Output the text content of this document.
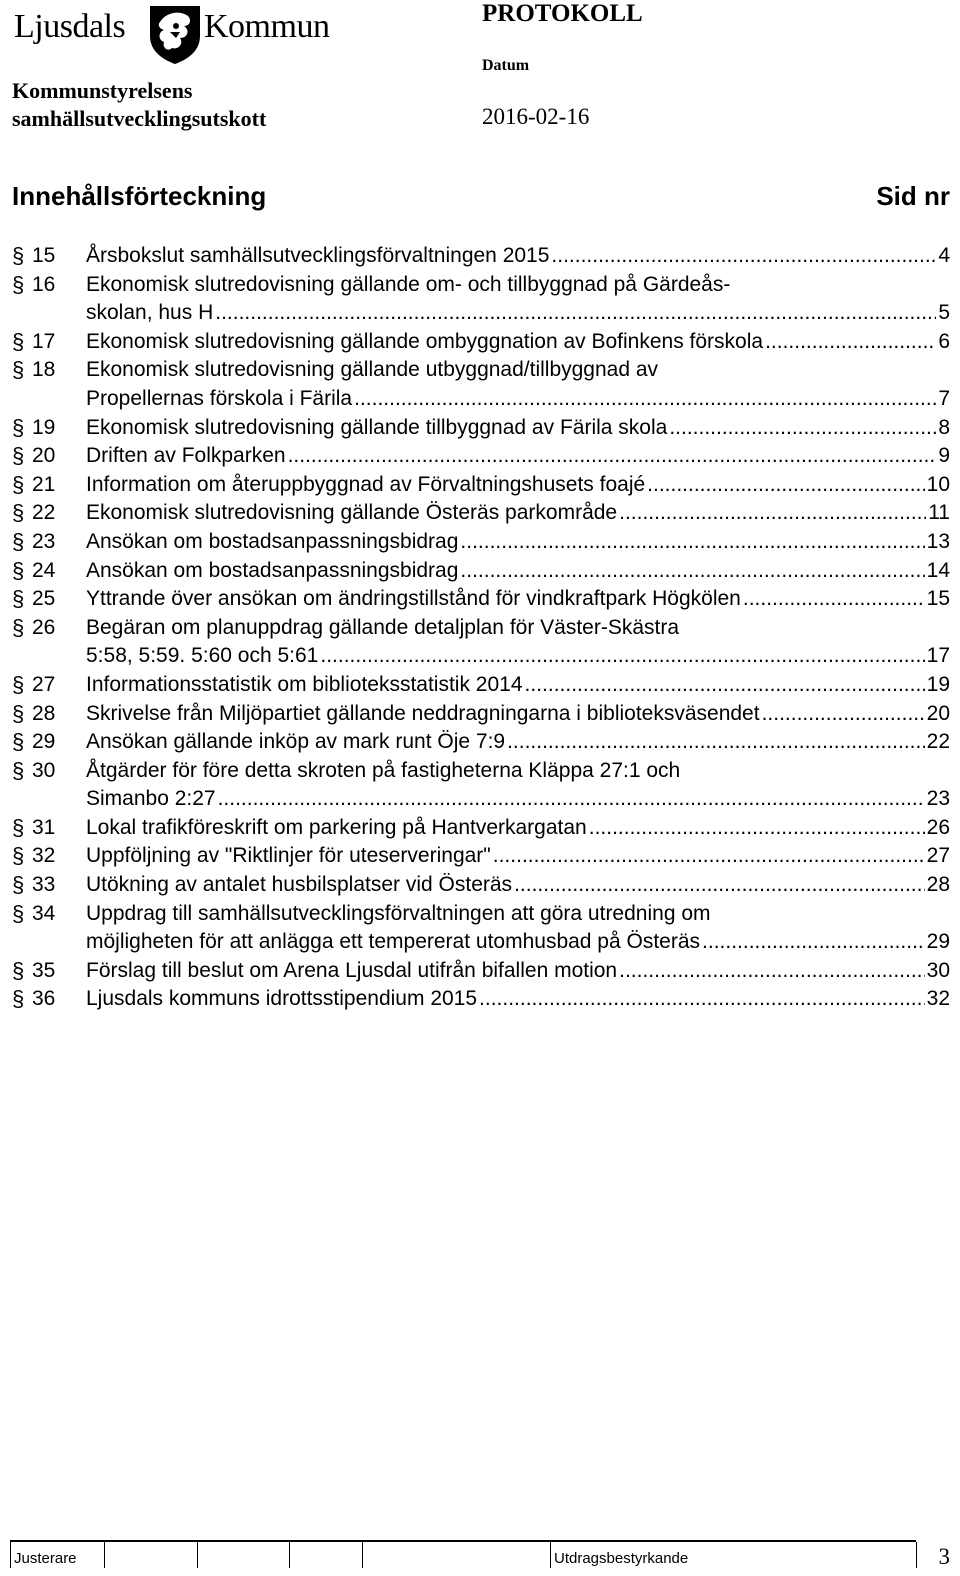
Ljusdals Kommun
Kommunstyrelsens
samhällsutvecklingsutskott
PROTOKOLL
Datum
2016-02-16
Innehållsförteckning	Sid nr
§ 15	Årsbokslut samhällsutvecklingsförvaltningen 2015 .....	4
§ 16	Ekonomisk slutredovisning gällande om- och tillbyggnad på Gärdeås-
skolan, hus H .....	5
§ 17	Ekonomisk slutredovisning gällande ombyggnation av Bofinkens förskola .....	6
§ 18	Ekonomisk slutredovisning gällande utbyggnad/tillbyggnad av
Propellernas förskola i Färila .....	7
§ 19	Ekonomisk slutredovisning gällande tillbyggnad av Färila skola .....	8
§ 20	Driften av Folkparken .....	9
§ 21	Information om återuppbyggnad av Förvaltningshusets foajé .....	10
§ 22	Ekonomisk slutredovisning gällande Österäs parkområde .....	11
§ 23	Ansökan om bostadsanpassningsbidrag .....	13
§ 24	Ansökan om bostadsanpassningsbidrag .....	14
§ 25	Yttrande över ansökan om ändringstillstånd för vindkraftpark Högkölen .....	15
§ 26	Begäran om planuppdrag gällande detaljplan för Väster-Skästra
5:58, 5:59. 5:60 och 5:61 .....	17
§ 27	Informationsstatistik om biblioteksstatistik 2014 .....	19
§ 28	Skrivelse från Miljöpartiet gällande neddragningarna i biblioteksväsendet .....	20
§ 29	Ansökan gällande inköp av mark runt Öje 7:9 .....	22
§ 30	Åtgärder för före detta skroten på fastigheterna Kläppa 27:1 och
Simanbo 2:27 .....	23
§ 31	Lokal trafikföreskrift om parkering på Hantverkargatan .....	26
§ 32	Uppföljning av "Riktlinjer för uteserveringar" .....	27
§ 33	Utökning av antalet husbilsplatser vid Österäs .....	28
§ 34	Uppdrag till samhällsutvecklingsförvaltningen att göra utredning om
möjligheten för att anlägga ett tempererat utomhusbad på Österäs .....	29
§ 35	Förslag till beslut om Arena Ljusdal utifrån bifallen motion .....	30
§ 36	Ljusdals kommuns idrottsstipendium 2015 .....	32
Justerare	Utdragsbestyrkande	3
